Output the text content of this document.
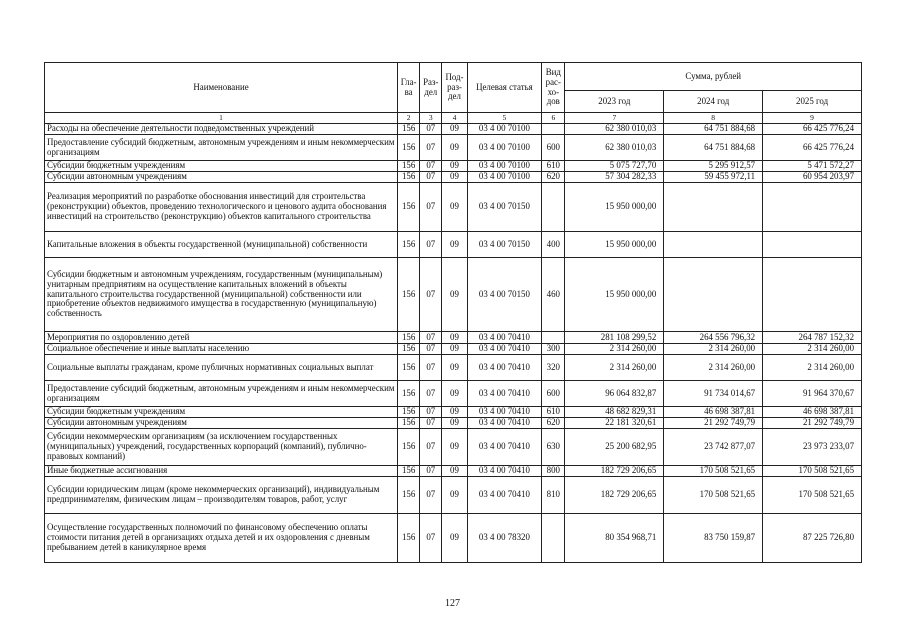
Наименование	Гла-ва	Раз-дел	Под-раз-дел	Целевая статья	Вид рас-хо-дов	Сумма, рублей		
						2023 год	2024 год	2025 год
1	2	3	4	5	6	7	8	9
Расходы на обеспечение деятельности подведомственных учреждений	156	07	09	03 4 00 70100		62 380 010,03	64 751 884,68	66 425 776,24
Предоставление субсидий бюджетным, автономным учреждениям и иным некоммерческим организациям	156	07	09	03 4 00 70100	600	62 380 010,03	64 751 884,68	66 425 776,24
Субсидии бюджетным учреждениям	156	07	09	03 4 00 70100	610	5 075 727,70	5 295 912,57	5 471 572,27
Субсидии автономным учреждениям	156	07	09	03 4 00 70100	620	57 304 282,33	59 455 972,11	60 954 203,97
Реализация мероприятий по разработке обоснования инвестиций для строительства (реконструкции) объектов, проведению технологического и ценового аудита обоснования инвестиций на строительство (реконструкцию) объектов капитального строительства	156	07	09	03 4 00 70150		15 950 000,00		
Капитальные вложения в объекты государственной (муниципальной) собственности	156	07	09	03 4 00 70150	400	15 950 000,00		
Субсидии бюджетным и автономным учреждениям, государственным (муниципальным) унитарным предприятиям на осуществление капитальных вложений в объекты капитального строительства государственной (муниципальной) собственности или приобретение объектов недвижимого имущества в государственную (муниципальную) собственность	156	07	09	03 4 00 70150	460	15 950 000,00		
Мероприятия по оздоровлению детей	156	07	09	03 4 00 70410		281 108 299,52	264 556 796,32	264 787 152,32
Социальное обеспечение и иные выплаты населению	156	07	09	03 4 00 70410	300	2 314 260,00	2 314 260,00	2 314 260,00
Социальные выплаты гражданам, кроме публичных нормативных социальных выплат	156	07	09	03 4 00 70410	320	2 314 260,00	2 314 260,00	2 314 260,00
Предоставление субсидий бюджетным, автономным учреждениям и иным некоммерческим организациям	156	07	09	03 4 00 70410	600	96 064 832,87	91 734 014,67	91 964 370,67
Субсидии бюджетным учреждениям	156	07	09	03 4 00 70410	610	48 682 829,31	46 698 387,81	46 698 387,81
Субсидии автономным учреждениям	156	07	09	03 4 00 70410	620	22 181 320,61	21 292 749,79	21 292 749,79
Субсидии некоммерческим организациям (за исключением государственных (муниципальных) учреждений, государственных корпораций (компаний), публично-правовых компаний)	156	07	09	03 4 00 70410	630	25 200 682,95	23 742 877,07	23 973 233,07
Иные бюджетные ассигнования	156	07	09	03 4 00 70410	800	182 729 206,65	170 508 521,65	170 508 521,65
Субсидии юридическим лицам (кроме некоммерческих организаций), индивидуальным предпринимателям, физическим лицам – производителям товаров, работ, услуг	156	07	09	03 4 00 70410	810	182 729 206,65	170 508 521,65	170 508 521,65
Осуществление государственных полномочий по финансовому обеспечению оплаты стоимости питания детей в организациях отдыха детей и их оздоровления с дневным пребыванием детей в каникулярное время	156	07	09	03 4 00 78320		80 354 968,71	83 750 159,87	87 225 726,80
127
